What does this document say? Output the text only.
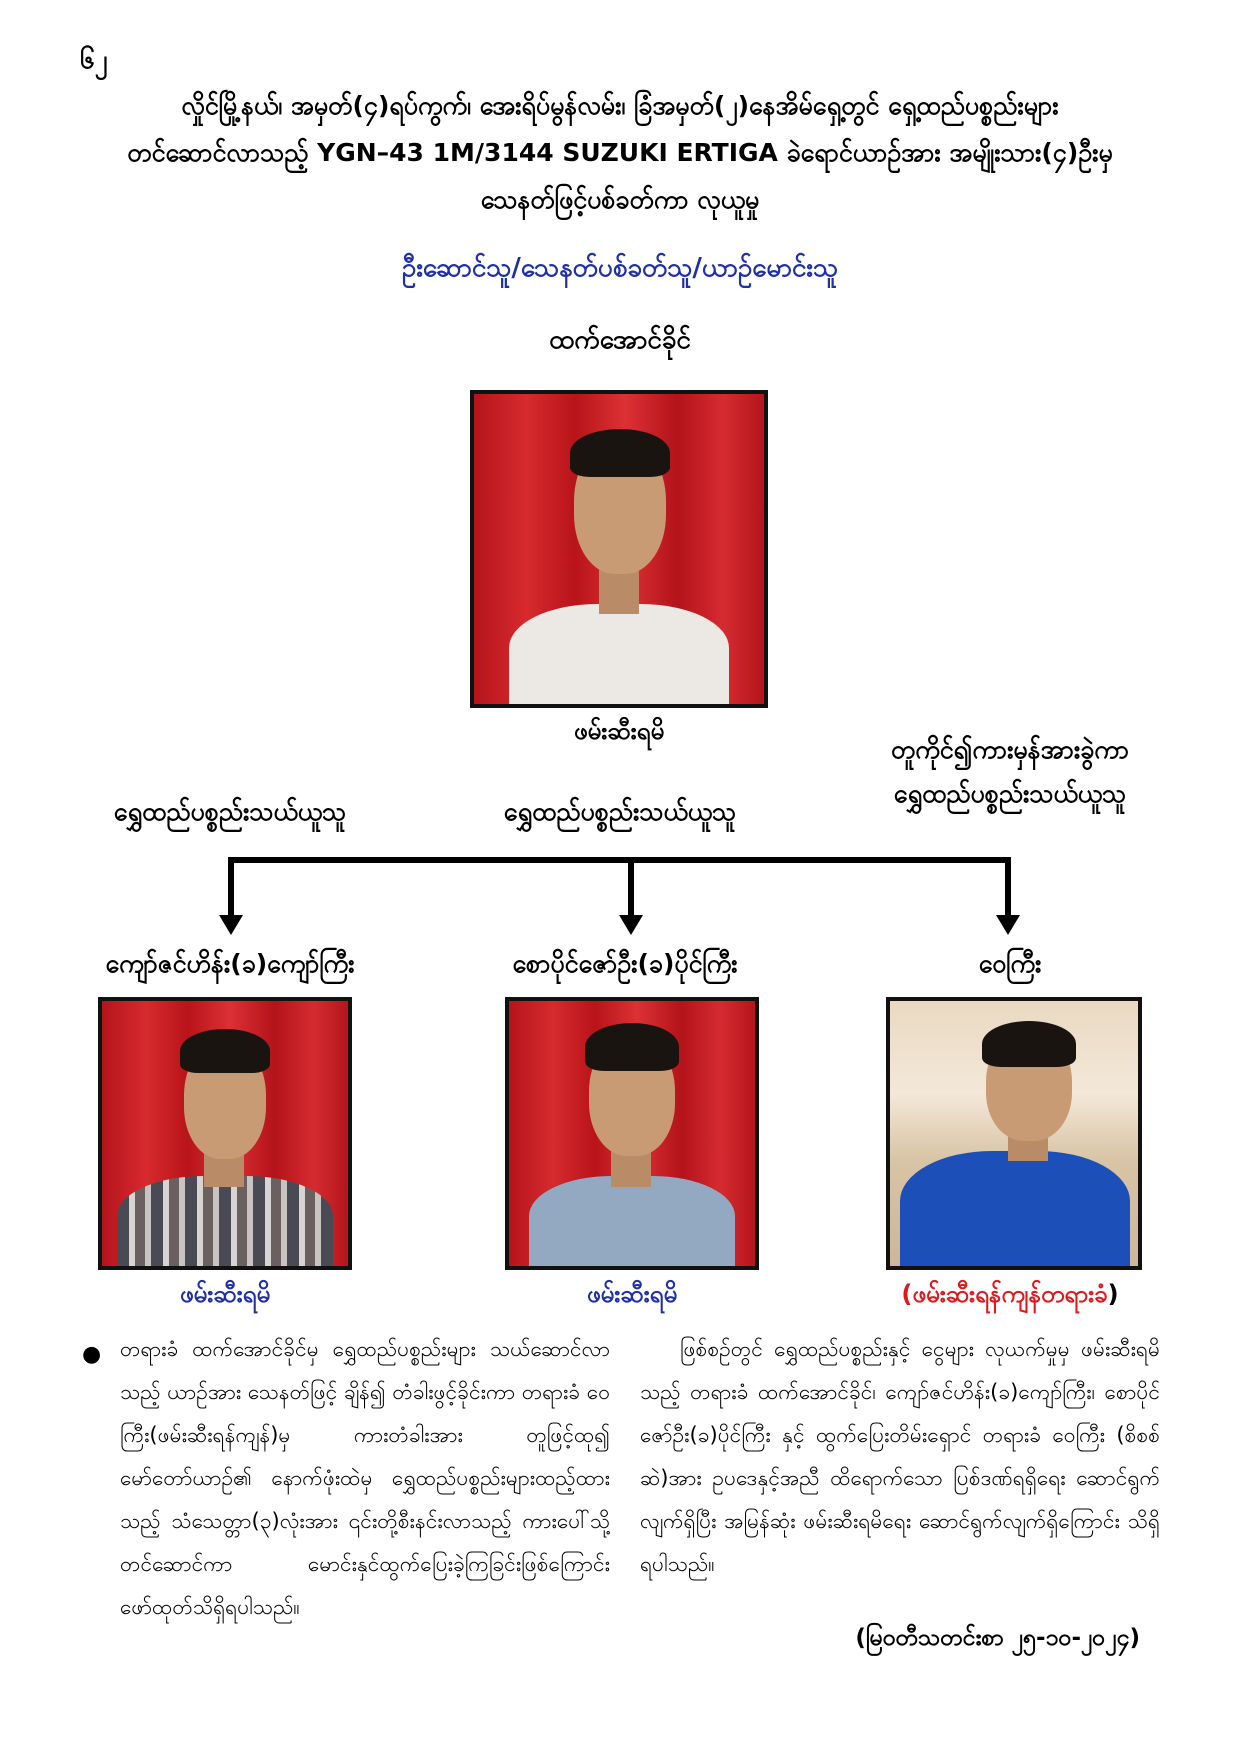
၆၂
လှိုင်မြို့နယ်၊ အမှတ်(၄)ရပ်ကွက်၊ အေးရိပ်မွန်လမ်း၊ ခြံအမှတ်(၂)နေအိမ်ရှေ့တွင် ရှေ့ထည်ပစ္စည်းများ
တင်ဆောင်လာသည့် YGN–43 1M/3144 SUZUKI ERTIGA ခဲရောင်ယာဉ်အား အမျိုးသား(၄)ဦးမှ
သေနတ်ဖြင့်ပစ်ခတ်ကာ လုယူမှု
ဦးဆောင်သူ/သေနတ်ပစ်ခတ်သူ/ယာဉ်မောင်းသူ
ထက်အောင်ခိုင်
ဖမ်းဆီးရမိ
ရွှေထည်ပစ္စည်းသယ်ယူသူ	ရွှေထည်ပစ္စည်းသယ်ယူသူ
တူကိုင်၍ကားမှန်အားခွဲကာ
ရွှေထည်ပစ္စည်းသယ်ယူသူ
ကျော်ဇင်ဟိန်း(ခ)ကျော်ကြီး	စောပိုင်ဇော်ဦး(ခ)ပိုင်ကြီး	ဝေကြီး
ဖမ်းဆီးရမိ	ဖမ်းဆီးရမိ	(ဖမ်းဆီးရန်ကျန်တရားခံ)
● တရားခံ ထက်အောင်ခိုင်မှ ရွှေထည်ပစ္စည်းများ သယ်ဆောင်လာသည့် ယာဉ်အား သေနတ်ဖြင့် ချိန်၍ တံခါးဖွင့်ခိုင်းကာ တရားခံ ဝေကြီး(ဖမ်းဆီးရန်ကျန်)မှ ကားတံခါးအား တူဖြင့်ထု၍ မော်တော်ယာဉ်၏ နောက်ဖုံးထဲမှ ရွှေထည်ပစ္စည်းများထည့်ထားသည့် သံသေတ္တာ(၃)လုံးအား ၎င်းတို့စီးနင်းလာသည့် ကားပေါ်သို့တင်ဆောင်ကာ မောင်းနှင်ထွက်ပြေးခဲ့ကြခြင်းဖြစ်ကြောင်း ဖော်ထုတ်သိရှိရပါသည်။
ဖြစ်စဉ်တွင် ရွှေထည်ပစ္စည်းနှင့် ငွေများ လုယက်မှုမှ ဖမ်းဆီးရမိသည့် တရားခံ ထက်အောင်ခိုင်၊ ကျော်ဇင်ဟိန်း(ခ)ကျော်ကြီး၊ စောပိုင်ဇော်ဦး(ခ)ပိုင်ကြီး နှင့် ထွက်ပြေးတိမ်းရှောင် တရားခံ ဝေကြီး (စိစစ်ဆဲ)အား ဥပဒေနှင့်အညီ ထိရောက်သော ပြစ်ဒဏ်ရရှိရေး ဆောင်ရွက်လျက်ရှိပြီး အမြန်ဆုံး ဖမ်းဆီးရမိရေး ဆောင်ရွက်လျက်ရှိကြောင်း သိရှိရပါသည်။
(မြဝတီသတင်းစာ ၂၅-၁၀-၂၀၂၄)
